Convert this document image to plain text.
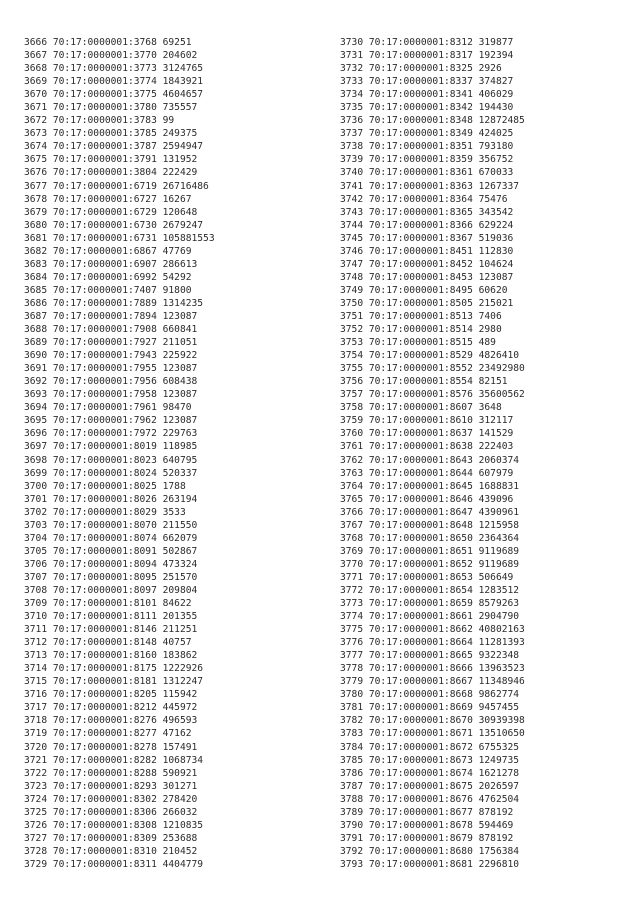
3666 70:17:0000001:3768 69251
3667 70:17:0000001:3770 204602
3668 70:17:0000001:3773 3124765
3669 70:17:0000001:3774 1843921
3670 70:17:0000001:3775 4604657
3671 70:17:0000001:3780 735557
3672 70:17:0000001:3783 99
3673 70:17:0000001:3785 249375
3674 70:17:0000001:3787 2594947
3675 70:17:0000001:3791 131952
3676 70:17:0000001:3804 222429
3677 70:17:0000001:6719 26716486
3678 70:17:0000001:6727 16267
3679 70:17:0000001:6729 120648
3680 70:17:0000001:6730 2679247
3681 70:17:0000001:6731 105881553
3682 70:17:0000001:6867 47769
3683 70:17:0000001:6907 286613
3684 70:17:0000001:6992 54292
3685 70:17:0000001:7407 91800
3686 70:17:0000001:7889 1314235
3687 70:17:0000001:7894 123087
3688 70:17:0000001:7908 660841
3689 70:17:0000001:7927 211051
3690 70:17:0000001:7943 225922
3691 70:17:0000001:7955 123087
3692 70:17:0000001:7956 608438
3693 70:17:0000001:7958 123087
3694 70:17:0000001:7961 98470
3695 70:17:0000001:7962 123087
3696 70:17:0000001:7972 229763
3697 70:17:0000001:8019 118985
3698 70:17:0000001:8023 640795
3699 70:17:0000001:8024 520337
3700 70:17:0000001:8025 1788
3701 70:17:0000001:8026 263194
3702 70:17:0000001:8029 3533
3703 70:17:0000001:8070 211550
3704 70:17:0000001:8074 662079
3705 70:17:0000001:8091 502867
3706 70:17:0000001:8094 473324
3707 70:17:0000001:8095 251570
3708 70:17:0000001:8097 209804
3709 70:17:0000001:8101 84622
3710 70:17:0000001:8111 201355
3711 70:17:0000001:8146 211251
3712 70:17:0000001:8148 40757
3713 70:17:0000001:8160 183862
3714 70:17:0000001:8175 1222926
3715 70:17:0000001:8181 1312247
3716 70:17:0000001:8205 115942
3717 70:17:0000001:8212 445972
3718 70:17:0000001:8276 496593
3719 70:17:0000001:8277 47162
3720 70:17:0000001:8278 157491
3721 70:17:0000001:8282 1068734
3722 70:17:0000001:8288 590921
3723 70:17:0000001:8293 301271
3724 70:17:0000001:8302 278420
3725 70:17:0000001:8306 266032
3726 70:17:0000001:8308 1210835
3727 70:17:0000001:8309 253688
3728 70:17:0000001:8310 210452
3729 70:17:0000001:8311 4404779
3730 70:17:0000001:8312 319877
3731 70:17:0000001:8317 192394
3732 70:17:0000001:8325 2926
3733 70:17:0000001:8337 374827
3734 70:17:0000001:8341 406029
3735 70:17:0000001:8342 194430
3736 70:17:0000001:8348 12872485
3737 70:17:0000001:8349 424025
3738 70:17:0000001:8351 793180
3739 70:17:0000001:8359 356752
3740 70:17:0000001:8361 670033
3741 70:17:0000001:8363 1267337
3742 70:17:0000001:8364 75476
3743 70:17:0000001:8365 343542
3744 70:17:0000001:8366 629224
3745 70:17:0000001:8367 519036
3746 70:17:0000001:8451 112830
3747 70:17:0000001:8452 104624
3748 70:17:0000001:8453 123087
3749 70:17:0000001:8495 60620
3750 70:17:0000001:8505 215021
3751 70:17:0000001:8513 7406
3752 70:17:0000001:8514 2980
3753 70:17:0000001:8515 489
3754 70:17:0000001:8529 4826410
3755 70:17:0000001:8552 23492980
3756 70:17:0000001:8554 82151
3757 70:17:0000001:8576 35600562
3758 70:17:0000001:8607 3648
3759 70:17:0000001:8610 312117
3760 70:17:0000001:8637 141529
3761 70:17:0000001:8638 222403
3762 70:17:0000001:8643 2060374
3763 70:17:0000001:8644 607979
3764 70:17:0000001:8645 1688831
3765 70:17:0000001:8646 439096
3766 70:17:0000001:8647 4390961
3767 70:17:0000001:8648 1215958
3768 70:17:0000001:8650 2364364
3769 70:17:0000001:8651 9119689
3770 70:17:0000001:8652 9119689
3771 70:17:0000001:8653 506649
3772 70:17:0000001:8654 1283512
3773 70:17:0000001:8659 8579263
3774 70:17:0000001:8661 2904790
3775 70:17:0000001:8662 40802163
3776 70:17:0000001:8664 11281393
3777 70:17:0000001:8665 9322348
3778 70:17:0000001:8666 13963523
3779 70:17:0000001:8667 11348946
3780 70:17:0000001:8668 9862774
3781 70:17:0000001:8669 9457455
3782 70:17:0000001:8670 30939398
3783 70:17:0000001:8671 13510650
3784 70:17:0000001:8672 6755325
3785 70:17:0000001:8673 1249735
3786 70:17:0000001:8674 1621278
3787 70:17:0000001:8675 2026597
3788 70:17:0000001:8676 4762504
3789 70:17:0000001:8677 878192
3790 70:17:0000001:8678 594469
3791 70:17:0000001:8679 878192
3792 70:17:0000001:8680 1756384
3793 70:17:0000001:8681 2296810
